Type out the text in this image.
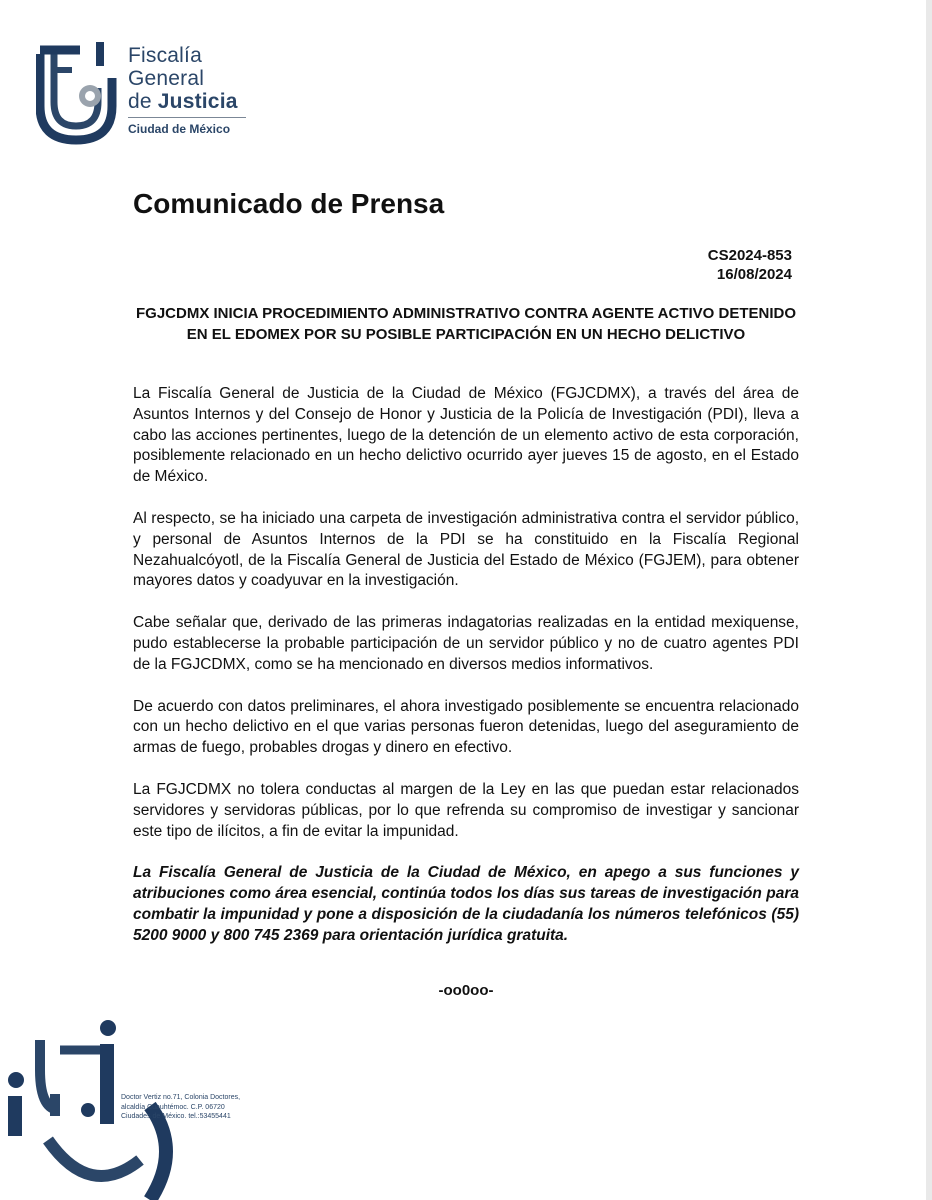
Fiscalía
General
de Justicia
Ciudad de México
Comunicado de Prensa
CS2024-853
16/08/2024
FGJCDMX INICIA PROCEDIMIENTO ADMINISTRATIVO CONTRA AGENTE ACTIVO DETENIDO EN EL EDOMEX POR SU POSIBLE PARTICIPACIÓN EN UN HECHO DELICTIVO

La Fiscalía General de Justicia de la Ciudad de México (FGJCDMX), a través del área de Asuntos Internos y del Consejo de Honor y Justicia de la Policía de Investigación (PDI), lleva a cabo las acciones pertinentes, luego de la detención de un elemento activo de esta corporación, posiblemente relacionado en un hecho delictivo ocurrido ayer jueves 15 de agosto, en el Estado de México.

Al respecto, se ha iniciado una carpeta de investigación administrativa contra el servidor público, y personal de Asuntos Internos de la PDI se ha constituido en la Fiscalía Regional Nezahualcóyotl, de la Fiscalía General de Justicia del Estado de México (FGJEM), para obtener mayores datos y coadyuvar en la investigación.

Cabe señalar que, derivado de las primeras indagatorias realizadas en la entidad mexiquense, pudo establecerse la probable participación de un servidor público y no de cuatro agentes PDI de la FGJCDMX, como se ha mencionado en diversos medios informativos.

De acuerdo con datos preliminares, el ahora investigado posiblemente se encuentra relacionado con un hecho delictivo en el que varias personas fueron detenidas, luego del aseguramiento de armas de fuego, probables drogas y dinero en efectivo.

La FGJCDMX no tolera conductas al margen de la Ley en las que puedan estar relacionados servidores y servidoras públicas, por lo que refrenda su compromiso de investigar y sancionar este tipo de ilícitos, a fin de evitar la impunidad.

La Fiscalía General de Justicia de la Ciudad de México, en apego a sus funciones y atribuciones como área esencial, continúa todos los días sus tareas de investigación para combatir la impunidad y pone a disposición de la ciudadanía los números telefónicos (55) 5200 9000 y 800 745 2369 para orientación jurídica gratuita.

-oo0oo-
Doctor Vertiz no.71, Colonia Doctores,
alcaldía Cuauhtémoc. C.P. 06720
Ciudades de México. tel.:53455441
